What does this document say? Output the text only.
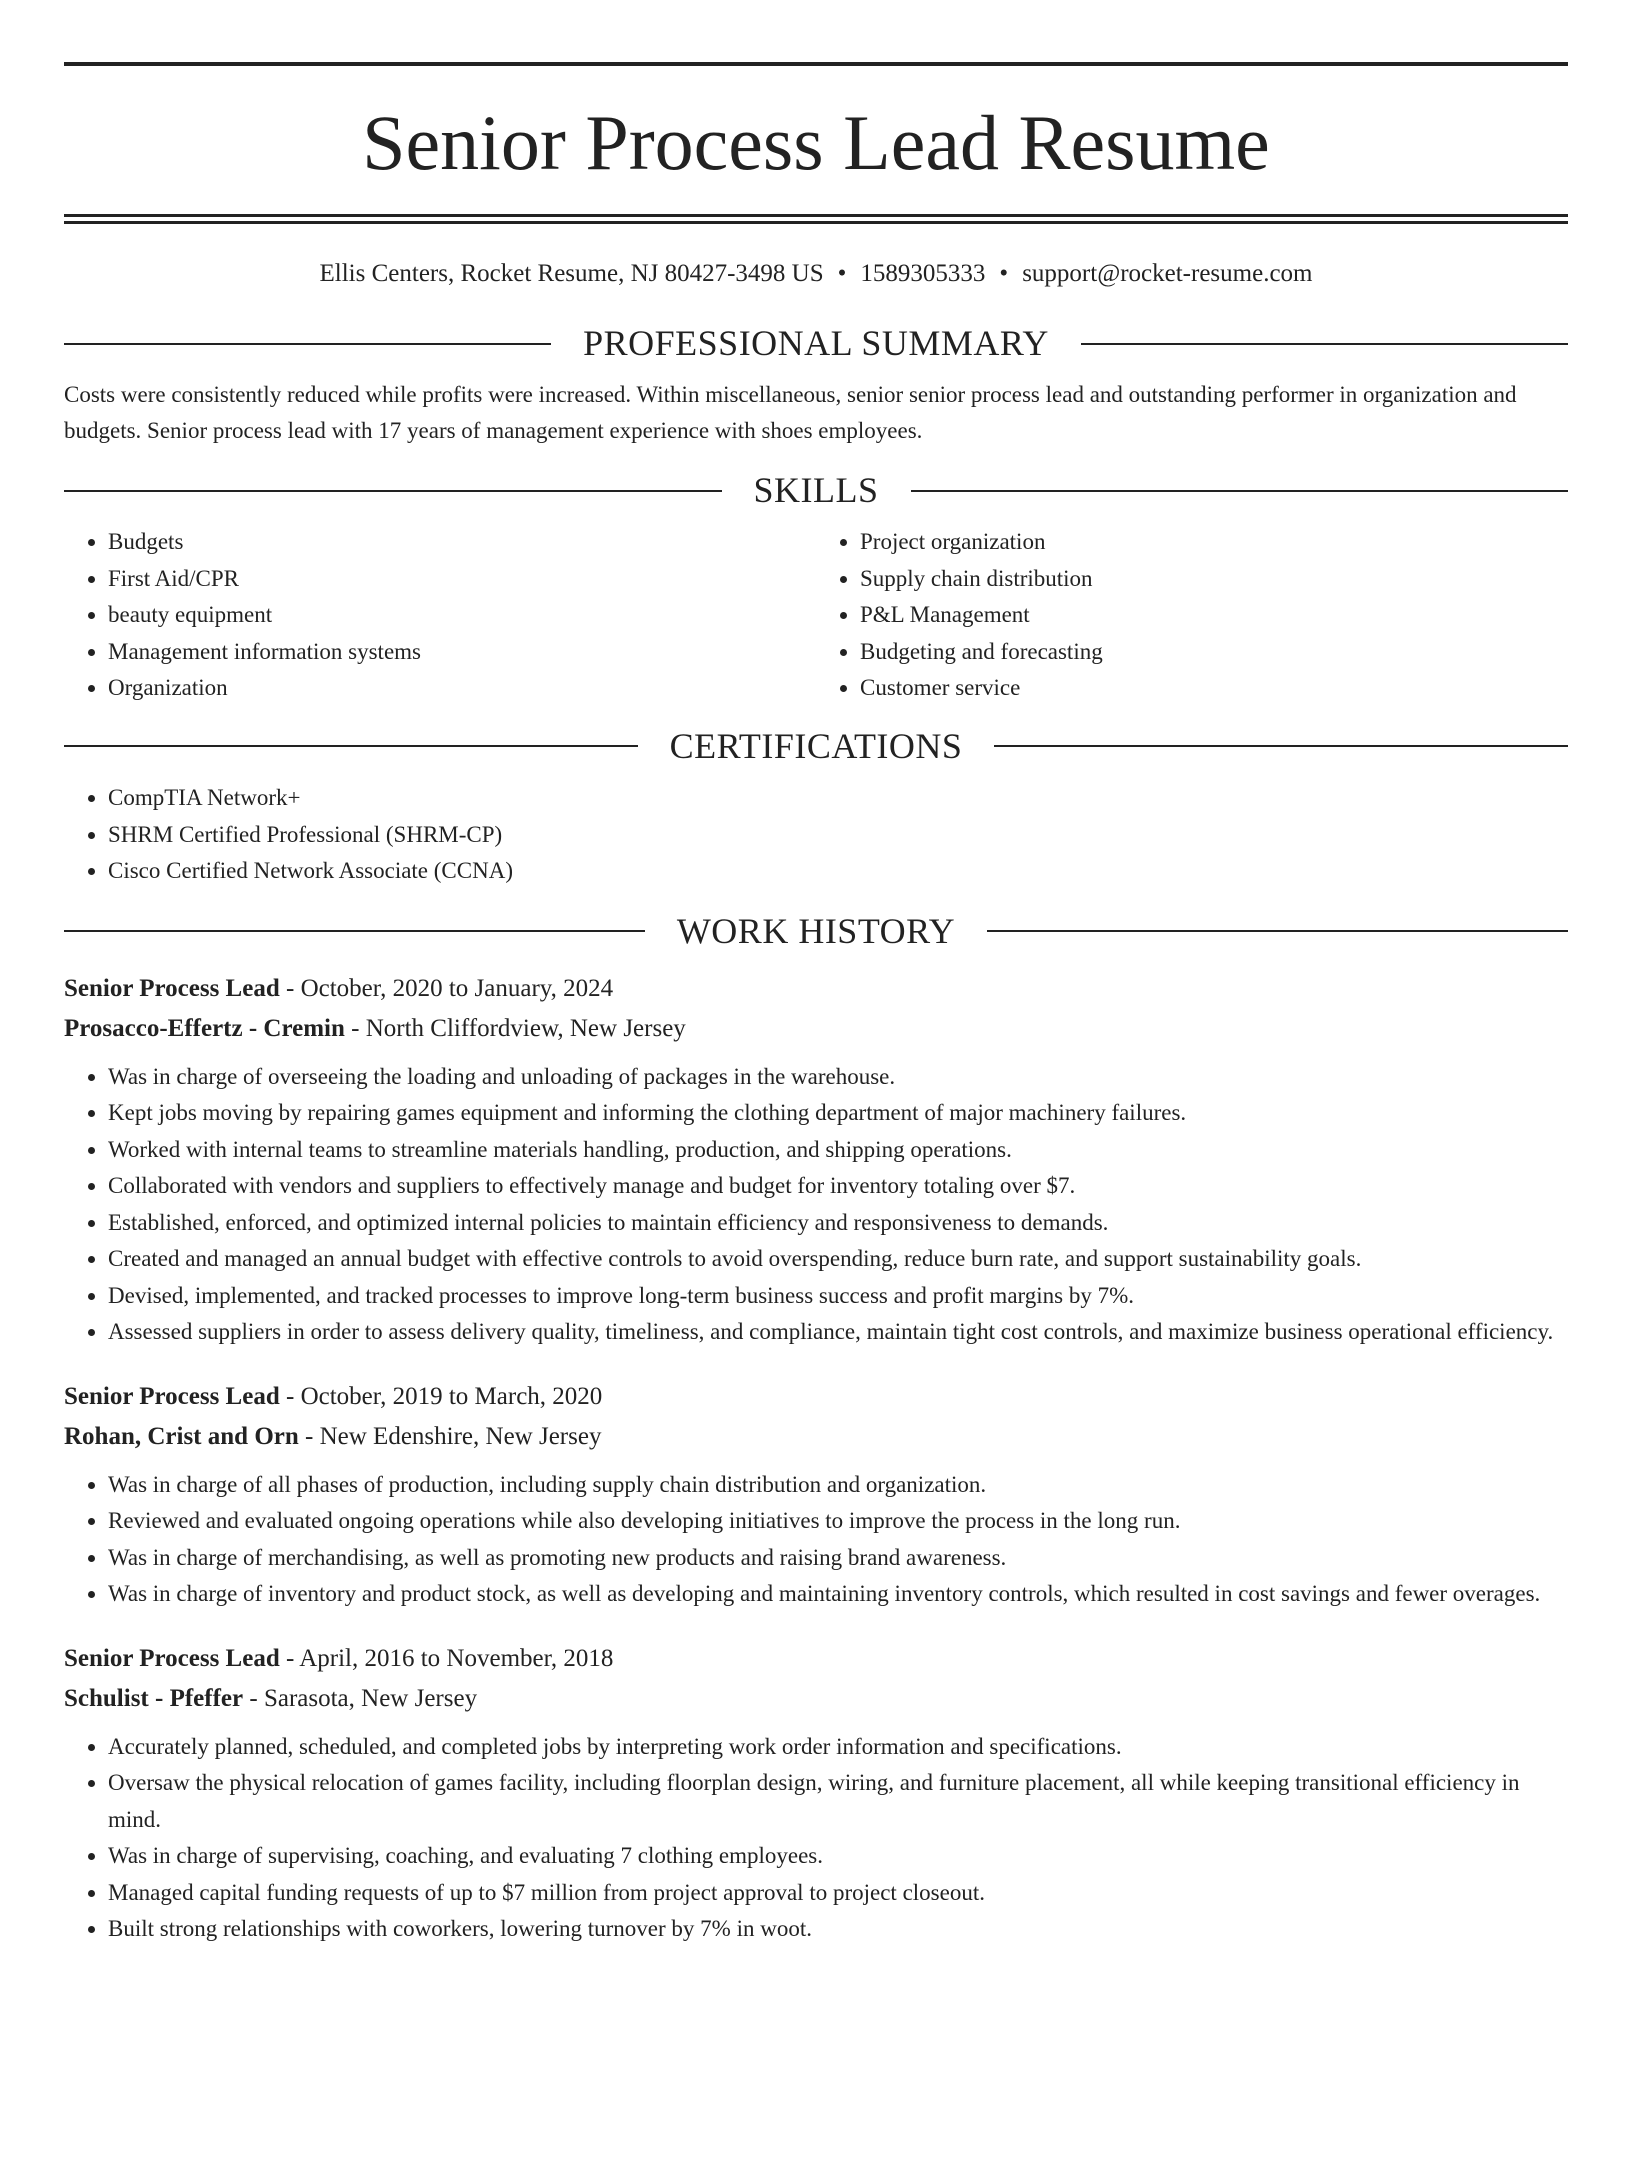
Senior Process Lead Resume
Ellis Centers, Rocket Resume, NJ 80427-3498 US • 1589305333 • support@rocket-resume.com
PROFESSIONAL SUMMARY
Costs were consistently reduced while profits were increased. Within miscellaneous, senior senior process lead and outstanding performer in organization and budgets. Senior process lead with 17 years of management experience with shoes employees.
SKILLS
• Budgets
• First Aid/CPR
• beauty equipment
• Management information systems
• Organization
• Project organization
• Supply chain distribution
• P&L Management
• Budgeting and forecasting
• Customer service
CERTIFICATIONS
• CompTIA Network+
• SHRM Certified Professional (SHRM-CP)
• Cisco Certified Network Associate (CCNA)
WORK HISTORY
Senior Process Lead - October, 2020 to January, 2024
Prosacco-Effertz - Cremin - North Cliffordview, New Jersey
• Was in charge of overseeing the loading and unloading of packages in the warehouse.
• Kept jobs moving by repairing games equipment and informing the clothing department of major machinery failures.
• Worked with internal teams to streamline materials handling, production, and shipping operations.
• Collaborated with vendors and suppliers to effectively manage and budget for inventory totaling over $7.
• Established, enforced, and optimized internal policies to maintain efficiency and responsiveness to demands.
• Created and managed an annual budget with effective controls to avoid overspending, reduce burn rate, and support sustainability goals.
• Devised, implemented, and tracked processes to improve long-term business success and profit margins by 7%.
• Assessed suppliers in order to assess delivery quality, timeliness, and compliance, maintain tight cost controls, and maximize business operational efficiency.
Senior Process Lead - October, 2019 to March, 2020
Rohan, Crist and Orn - New Edenshire, New Jersey
• Was in charge of all phases of production, including supply chain distribution and organization.
• Reviewed and evaluated ongoing operations while also developing initiatives to improve the process in the long run.
• Was in charge of merchandising, as well as promoting new products and raising brand awareness.
• Was in charge of inventory and product stock, as well as developing and maintaining inventory controls, which resulted in cost savings and fewer overages.
Senior Process Lead - April, 2016 to November, 2018
Schulist - Pfeffer - Sarasota, New Jersey
• Accurately planned, scheduled, and completed jobs by interpreting work order information and specifications.
• Oversaw the physical relocation of games facility, including floorplan design, wiring, and furniture placement, all while keeping transitional efficiency in mind.
• Was in charge of supervising, coaching, and evaluating 7 clothing employees.
• Managed capital funding requests of up to $7 million from project approval to project closeout.
• Built strong relationships with coworkers, lowering turnover by 7% in woot.
